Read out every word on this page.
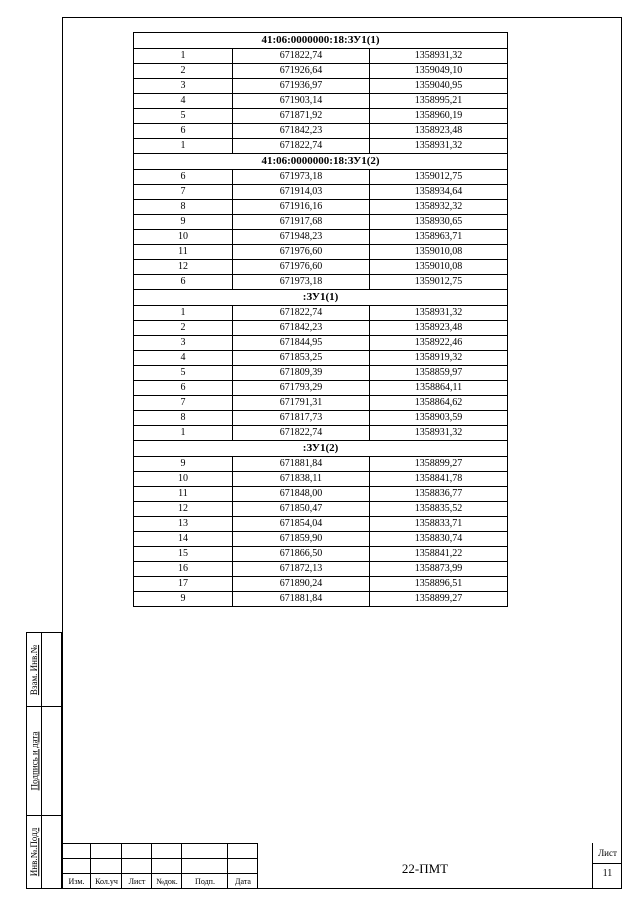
Взам. Инв.№
Подпись и дата
Инв.№.Подл
41:06:0000000:18:ЗУ1(1)		
1	671822,74	1358931,32
2	671926,64	1359049,10
3	671936,97	1359040,95
4	671903,14	1358995,21
5	671871,92	1358960,19
6	671842,23	1358923,48
1	671822,74	1358931,32
41:06:0000000:18:ЗУ1(2)		
6	671973,18	1359012,75
7	671914,03	1358934,64
8	671916,16	1358932,32
9	671917,68	1358930,65
10	671948,23	1358963,71
11	671976,60	1359010,08
12	671976,60	1359010,08
6	671973,18	1359012,75
:ЗУ1(1)		
1	671822,74	1358931,32
2	671842,23	1358923,48
3	671844,95	1358922,46
4	671853,25	1358919,32
5	671809,39	1358859,97
6	671793,29	1358864,11
7	671791,31	1358864,62
8	671817,73	1358903,59
1	671822,74	1358931,32
:ЗУ1(2)		
9	671881,84	1358899,27
10	671838,11	1358841,78
11	671848,00	1358836,77
12	671850,47	1358835,52
13	671854,04	1358833,71
14	671859,90	1358830,74
15	671866,50	1358841,22
16	671872,13	1358873,99
17	671890,24	1358896,51
9	671881,84	1358899,27
Изм.	Кол.уч	Лист	№док.	Подп.	Дата
22-ПМТ
Лист
11
